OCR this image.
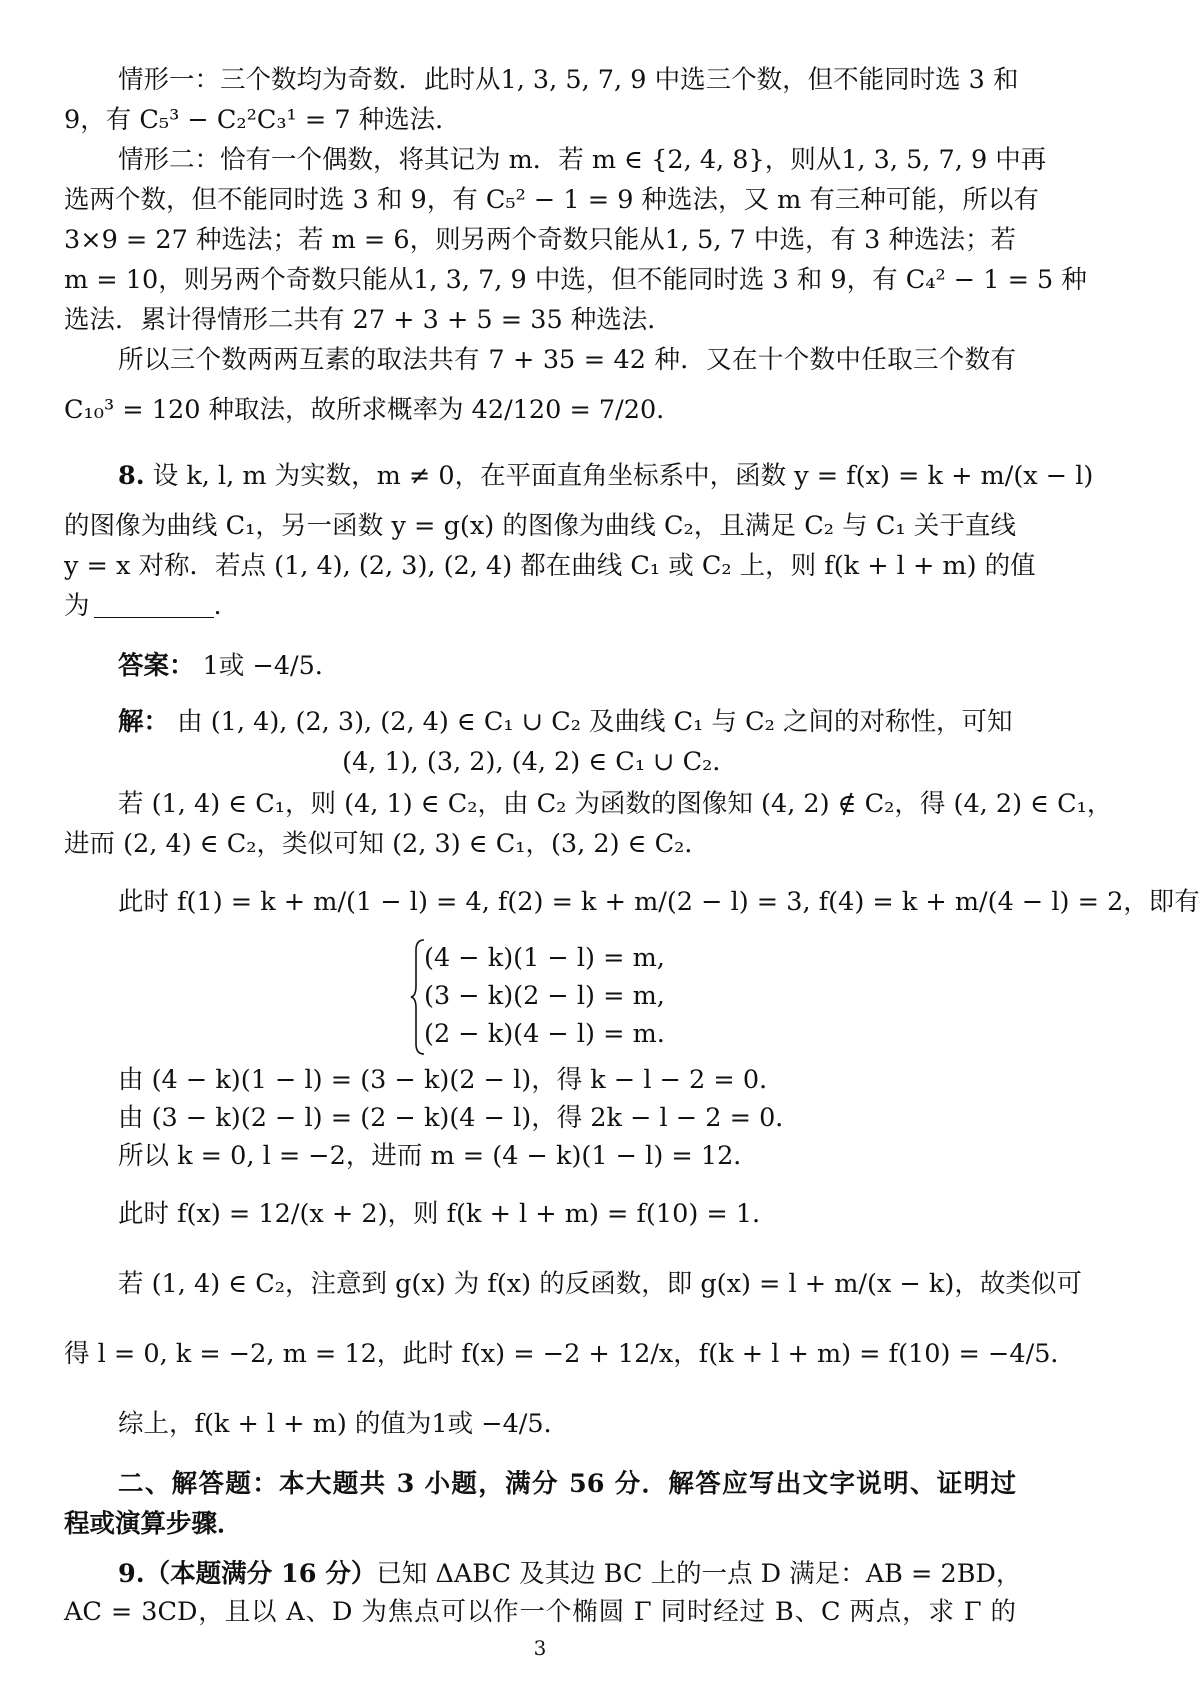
情形一：三个数均为奇数．此时从1, 3, 5, 7, 9 中选三个数，但不能同时选 3 和
9，有 C₅³ − C₂²C₃¹ = 7 种选法．
情形二：恰有一个偶数，将其记为 m．若 m ∈ {2, 4, 8}，则从1, 3, 5, 7, 9 中再
选两个数，但不能同时选 3 和 9，有 C₅² − 1 = 9 种选法，又 m 有三种可能，所以有
3×9 = 27 种选法；若 m = 6，则另两个奇数只能从1, 5, 7 中选，有 3 种选法；若
m = 10，则另两个奇数只能从1, 3, 7, 9 中选，但不能同时选 3 和 9，有 C₄² − 1 = 5 种
选法．累计得情形二共有 27 + 3 + 5 = 35 种选法．
所以三个数两两互素的取法共有 7 + 35 = 42 种．又在十个数中任取三个数有
C₁₀³ = 120 种取法，故所求概率为 42/120 = 7/20．
8. 设 k, l, m 为实数，m ≠ 0，在平面直角坐标系中，函数 y = f(x) = k + m/(x − l)
的图像为曲线 C₁，另一函数 y = g(x) 的图像为曲线 C₂，且满足 C₂ 与 C₁ 关于直线
y = x 对称．若点 (1, 4), (2, 3), (2, 4) 都在曲线 C₁ 或 C₂ 上，则 f(k + l + m) 的值
为	.
答案： 1或 −4/5．
解： 由 (1, 4), (2, 3), (2, 4) ∈ C₁ ∪ C₂ 及曲线 C₁ 与 C₂ 之间的对称性，可知
(4, 1), (3, 2), (4, 2) ∈ C₁ ∪ C₂．
若 (1, 4) ∈ C₁，则 (4, 1) ∈ C₂，由 C₂ 为函数的图像知 (4, 2) ∉ C₂，得 (4, 2) ∈ C₁，
进而 (2, 4) ∈ C₂，类似可知 (2, 3) ∈ C₁，(3, 2) ∈ C₂．
此时 f(1) = k + m/(1 − l) = 4, f(2) = k + m/(2 − l) = 3, f(4) = k + m/(4 − l) = 2，即有
(4 − k)(1 − l) = m,
(3 − k)(2 − l) = m,
(2 − k)(4 − l) = m.
由 (4 − k)(1 − l) = (3 − k)(2 − l)，得 k − l − 2 = 0．
由 (3 − k)(2 − l) = (2 − k)(4 − l)，得 2k − l − 2 = 0．
所以 k = 0, l = −2，进而 m = (4 − k)(1 − l) = 12．
此时 f(x) = 12/(x + 2)，则 f(k + l + m) = f(10) = 1．
若 (1, 4) ∈ C₂，注意到 g(x) 为 f(x) 的反函数，即 g(x) = l + m/(x − k)，故类似可
得 l = 0, k = −2, m = 12，此时 f(x) = −2 + 12/x，f(k + l + m) = f(10) = −4/5．
综上，f(k + l + m) 的值为1或 −4/5．
二、解答题：本大题共 3 小题，满分 56 分．解答应写出文字说明、证明过
程或演算步骤．
9.（本题满分 16 分）已知 ΔABC 及其边 BC 上的一点 D 满足：AB = 2BD，
AC = 3CD，且以 A、D 为焦点可以作一个椭圆 Γ 同时经过 B、C 两点，求 Γ 的
3
